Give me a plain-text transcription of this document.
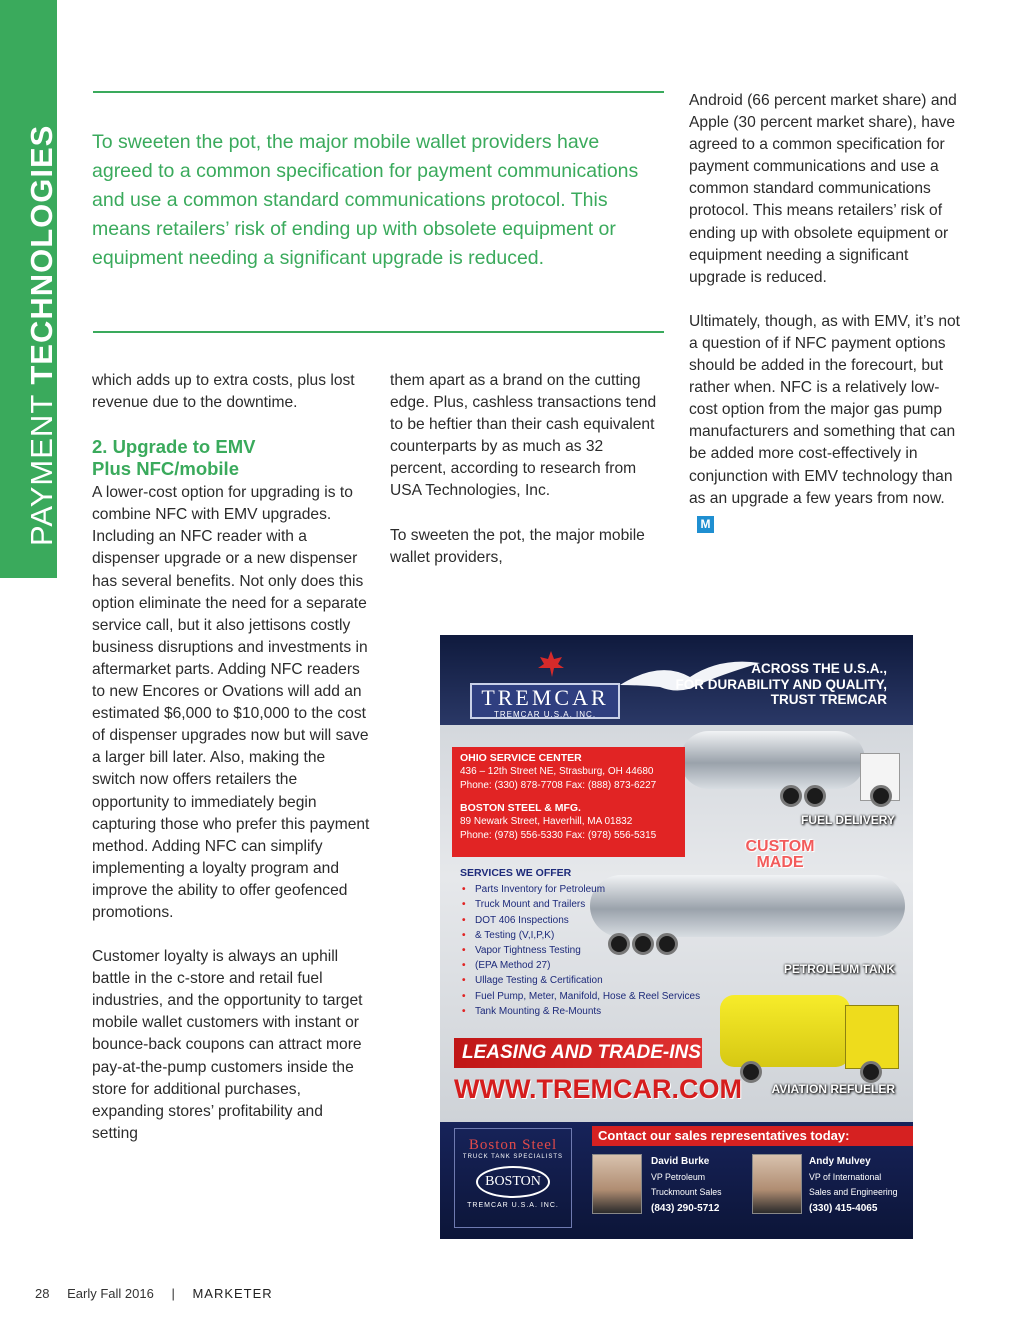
PAYMENT TECHNOLOGIES To sweeten the pot, the major mobile wallet providers have agreed to a common specification for payment communications and use a common standard communications protocol. This means retailers’ risk of ending up with obsolete equipment or equipment needing a significant upgrade is reduced.

which adds up to extra costs, plus lost revenue due to the downtime.

2. Upgrade to EMV
Plus NFC/mobile

A lower-cost option for upgrading is to combine NFC with EMV upgrades. Including an NFC reader with a dispenser upgrade or a new dispenser has several benefits. Not only does this option eliminate the need for a separate service call, but it also jettisons costly business disruptions and investments in aftermarket parts. Adding NFC readers to new Encores or Ovations will add an estimated $6,000 to $10,000 to the cost of dispenser upgrades now but will save a larger bill later. Also, making the switch now offers retailers the opportunity to immediately begin capturing those who prefer this payment method. Adding NFC can simplify implementing a loyalty program and improve the ability to offer geofenced promotions.

Customer loyalty is always an uphill battle in the c-store and retail fuel industries, and the opportunity to target mobile wallet customers with instant or bounce-back coupons can attract more pay-at-the-pump customers inside the store for additional purchases, expanding stores’ profitability and setting

them apart as a brand on the cutting edge. Plus, cashless transactions tend to be heftier than their cash equivalent counterparts by as much as 32 percent, according to research from USA Technologies, Inc.

To sweeten the pot, the major mobile wallet providers,

Android (66 percent market share) and Apple (30 percent market share), have agreed to a common specification for payment communications and use a common standard communications protocol. This means retailers’ risk of ending up with obsolete equipment or equipment needing a significant upgrade is reduced.

Ultimately, though, as with EMV, it’s not a question of if NFC payment options should be added in the forecourt, but rather when. NFC is a relatively low-cost option from the major gas pump manufacturers and something that can be added more cost-effectively in conjunction with EMV technology than as an upgrade a few years from now.M

TREMCAR
TREMCAR U.S.A. INC.
ACROSS THE U.S.A.,
FOR DURABILITY AND QUALITY,
TRUST TREMCAR
OHIO SERVICE CENTER
436 – 12th Street NE, Strasburg, OH 44680
Phone: (330) 878-7708 Fax: (888) 873-6227
BOSTON STEEL & MFG.
89 Newark Street, Haverhill, MA 01832
Phone: (978) 556-5330 Fax: (978) 556-5315
FUEL DELIVERY
CUSTOM
MADE
SERVICES WE OFFER
• Parts Inventory for Petroleum
• Truck Mount and Trailers
• DOT 406 Inspections
• & Testing (V,I,P,K)
• Vapor Tightness Testing
• (EPA Method 27)
• Ullage Testing & Certification
• Fuel Pump, Meter, Manifold, Hose & Reel Services
• Tank Mounting & Re-Mounts
PETROLEUM TANK
LEASING AND TRADE-INS
WWW.TREMCAR.COM AVIATION REFUELER
Boston Steel
TRUCK TANK SPECIALISTS
BOSTON
TREMCAR U.S.A. INC.
Contact our sales representatives today:
David Burke
VP Petroleum
Truckmount Sales
(843) 290-5712
Andy Mulvey
VP of International
Sales and Engineering
(330) 415-4065
28 Early Fall 2016 | MARKETER
